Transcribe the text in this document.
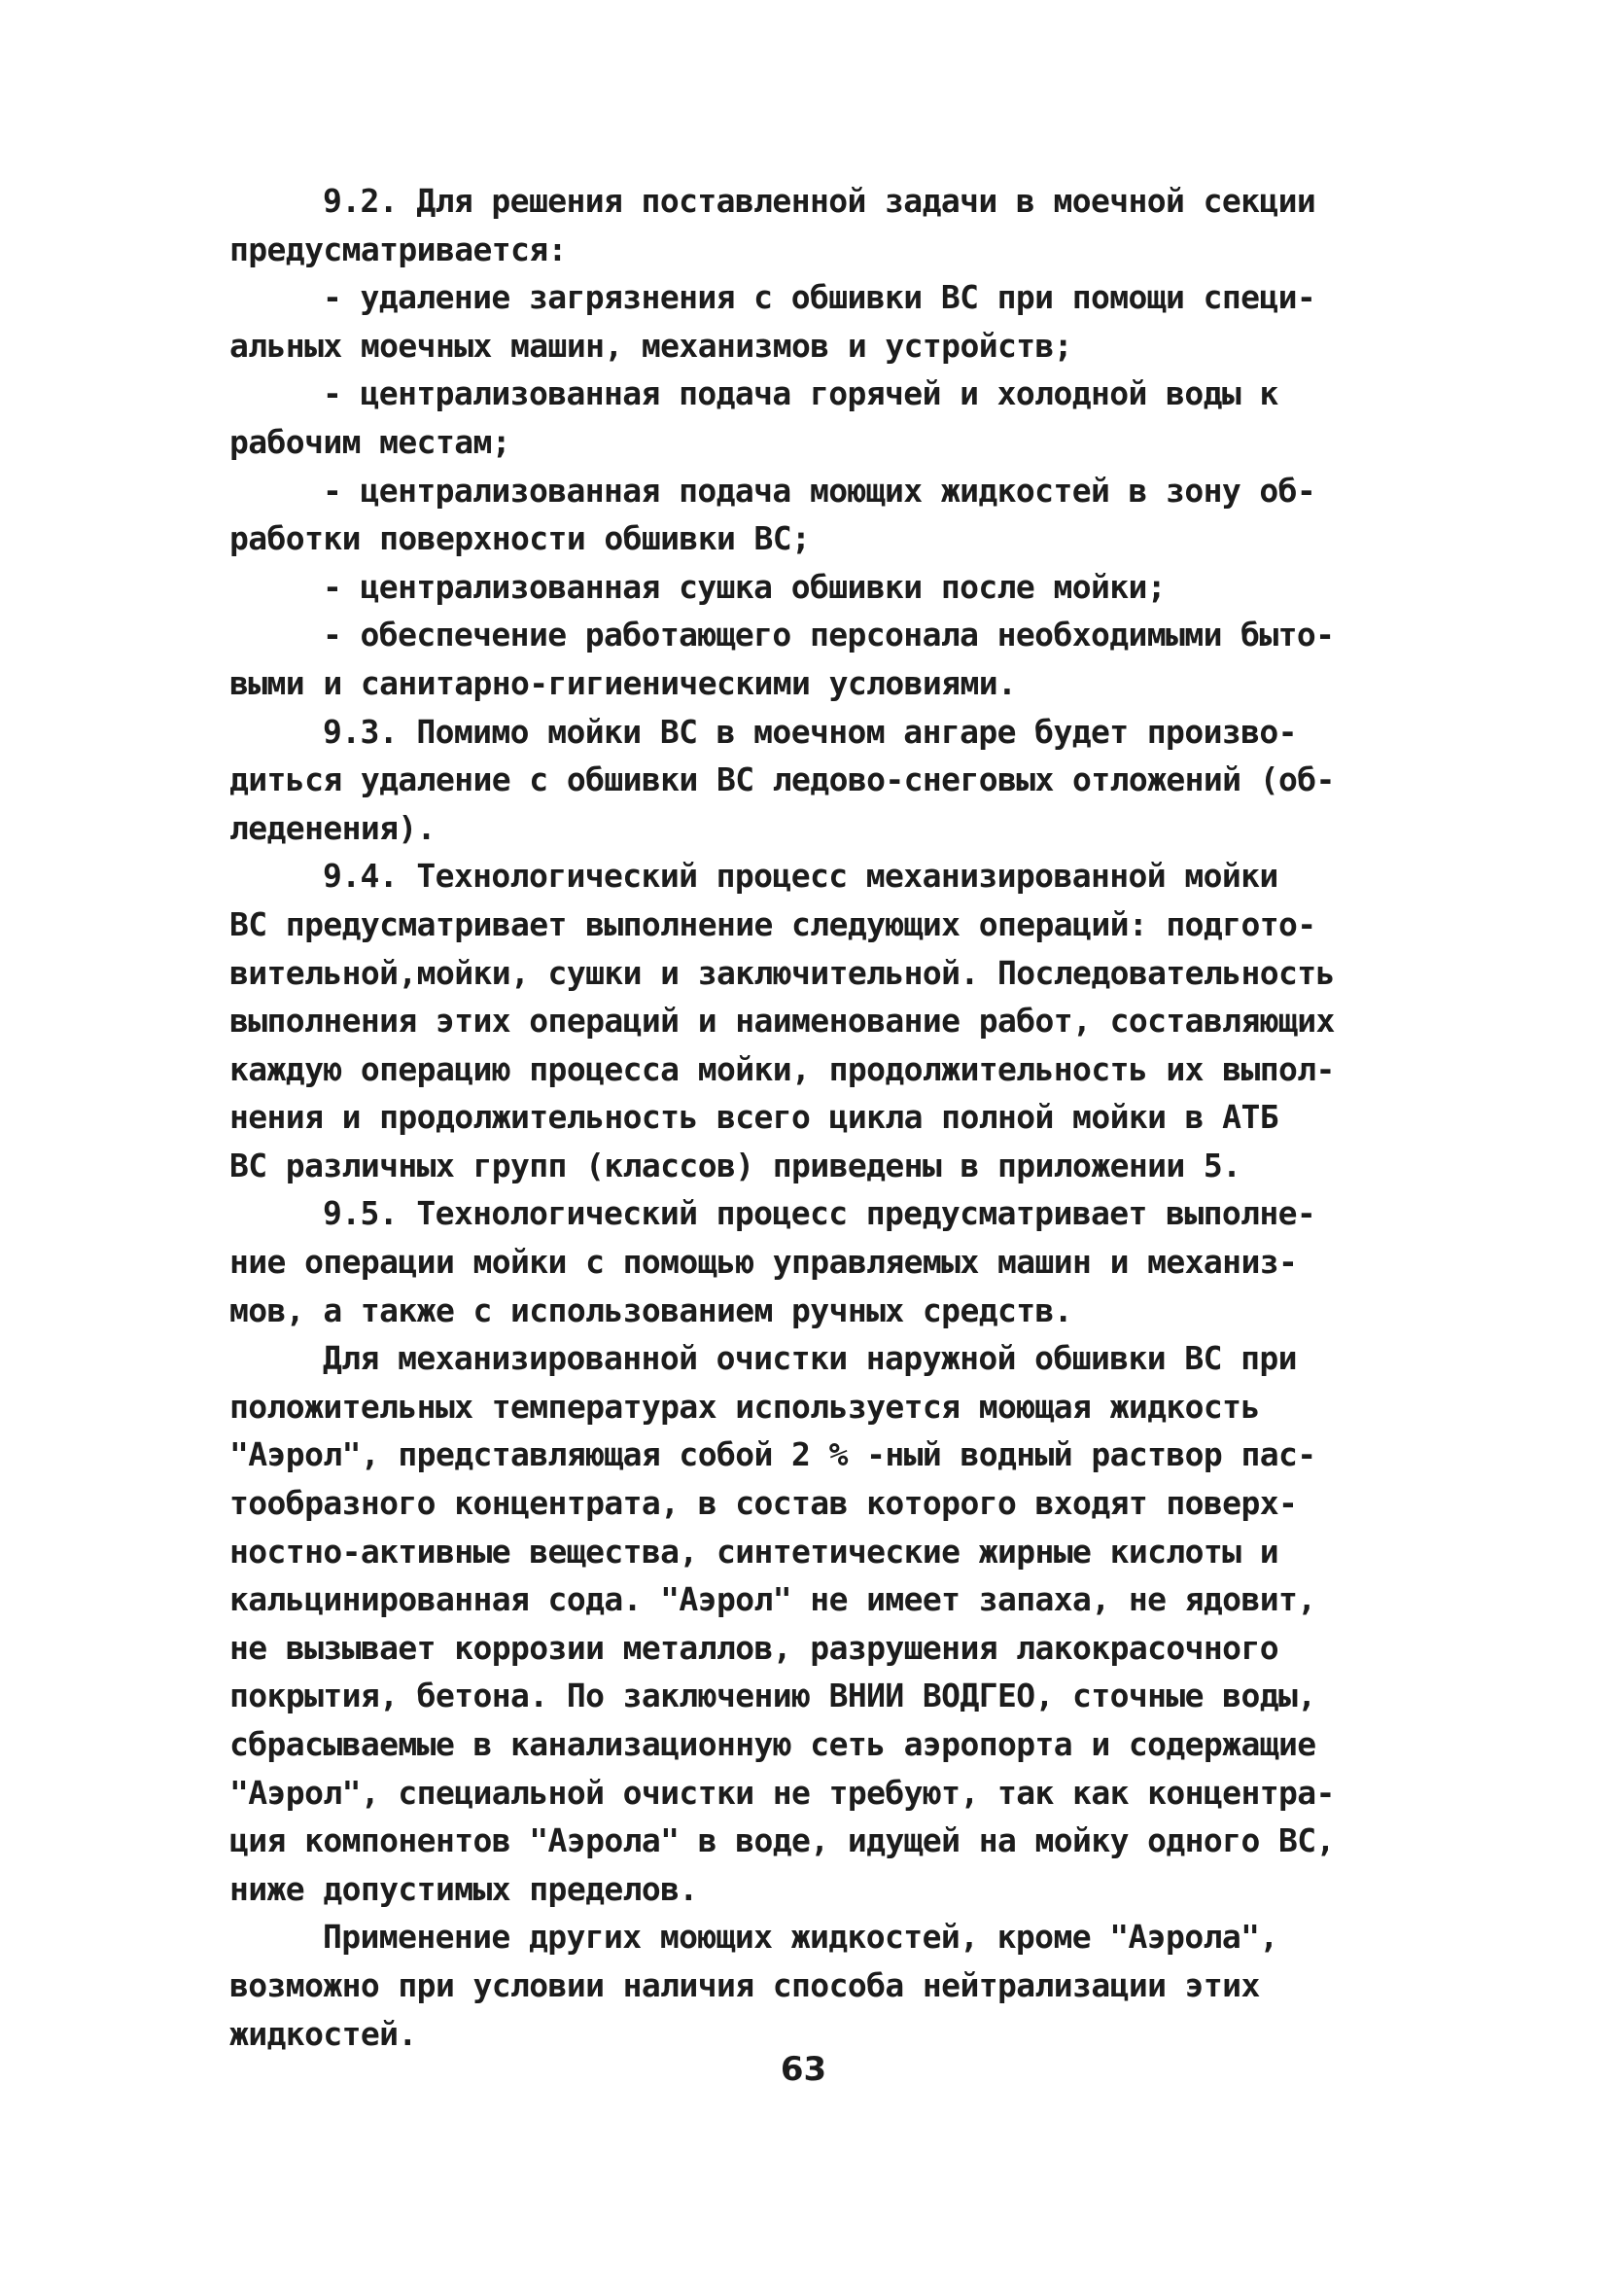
9.2. Для решения поставленной задачи в моечной секции
предусматривается:
- удаление загрязнения с обшивки ВС при помощи специ-
альных моечных машин, механизмов и устройств;
- централизованная подача горячей и холодной воды к
рабочим местам;
- централизованная подача моющих жидкостей в зону об-
работки поверхности обшивки ВС;
- централизованная сушка обшивки после мойки;
- обеспечение работающего персонала необходимыми быто-
выми и санитарно-гигиеническими условиями.
9.3. Помимо мойки ВС в моечном ангаре будет произво-
диться удаление с обшивки ВС ледово-снеговых отложений (об-
леденения).
9.4. Технологический процесс механизированной мойки
ВС предусматривает выполнение следующих операций: подгото-
вительной,мойки, сушки и заключительной. Последовательность
выполнения этих операций и наименование работ, составляющих
каждую операцию процесса мойки, продолжительность их выпол-
нения и продолжительность всего цикла полной мойки в АТБ
ВС различных групп (классов) приведены в приложении 5.
9.5. Технологический процесс предусматривает выполне-
ние операции мойки с помощью управляемых машин и механиз-
мов, а также с использованием ручных средств.
Для механизированной очистки наружной обшивки ВС при
положительных температурах используется моющая жидкость
"Аэрол", представляющая собой 2 % -ный водный раствор пас-
тообразного концентрата, в состав которого входят поверх-
ностно-активные вещества, синтетические жирные кислоты и
кальцинированная сода. "Аэрол" не имеет запаха, не ядовит,
не вызывает коррозии металлов, разрушения лакокрасочного
покрытия, бетона. По заключению ВНИИ ВОДГЕО, сточные воды,
сбрасываемые в канализационную сеть аэропорта и содержащие
"Аэрол", специальной очистки не требуют, так как концентра-
ция компонентов "Аэрола" в воде, идущей на мойку одного ВС,
ниже допустимых пределов.
Применение других моющих жидкостей, кроме "Аэрола",
возможно при условии наличия способа нейтрализации этих
жидкостей.
63
